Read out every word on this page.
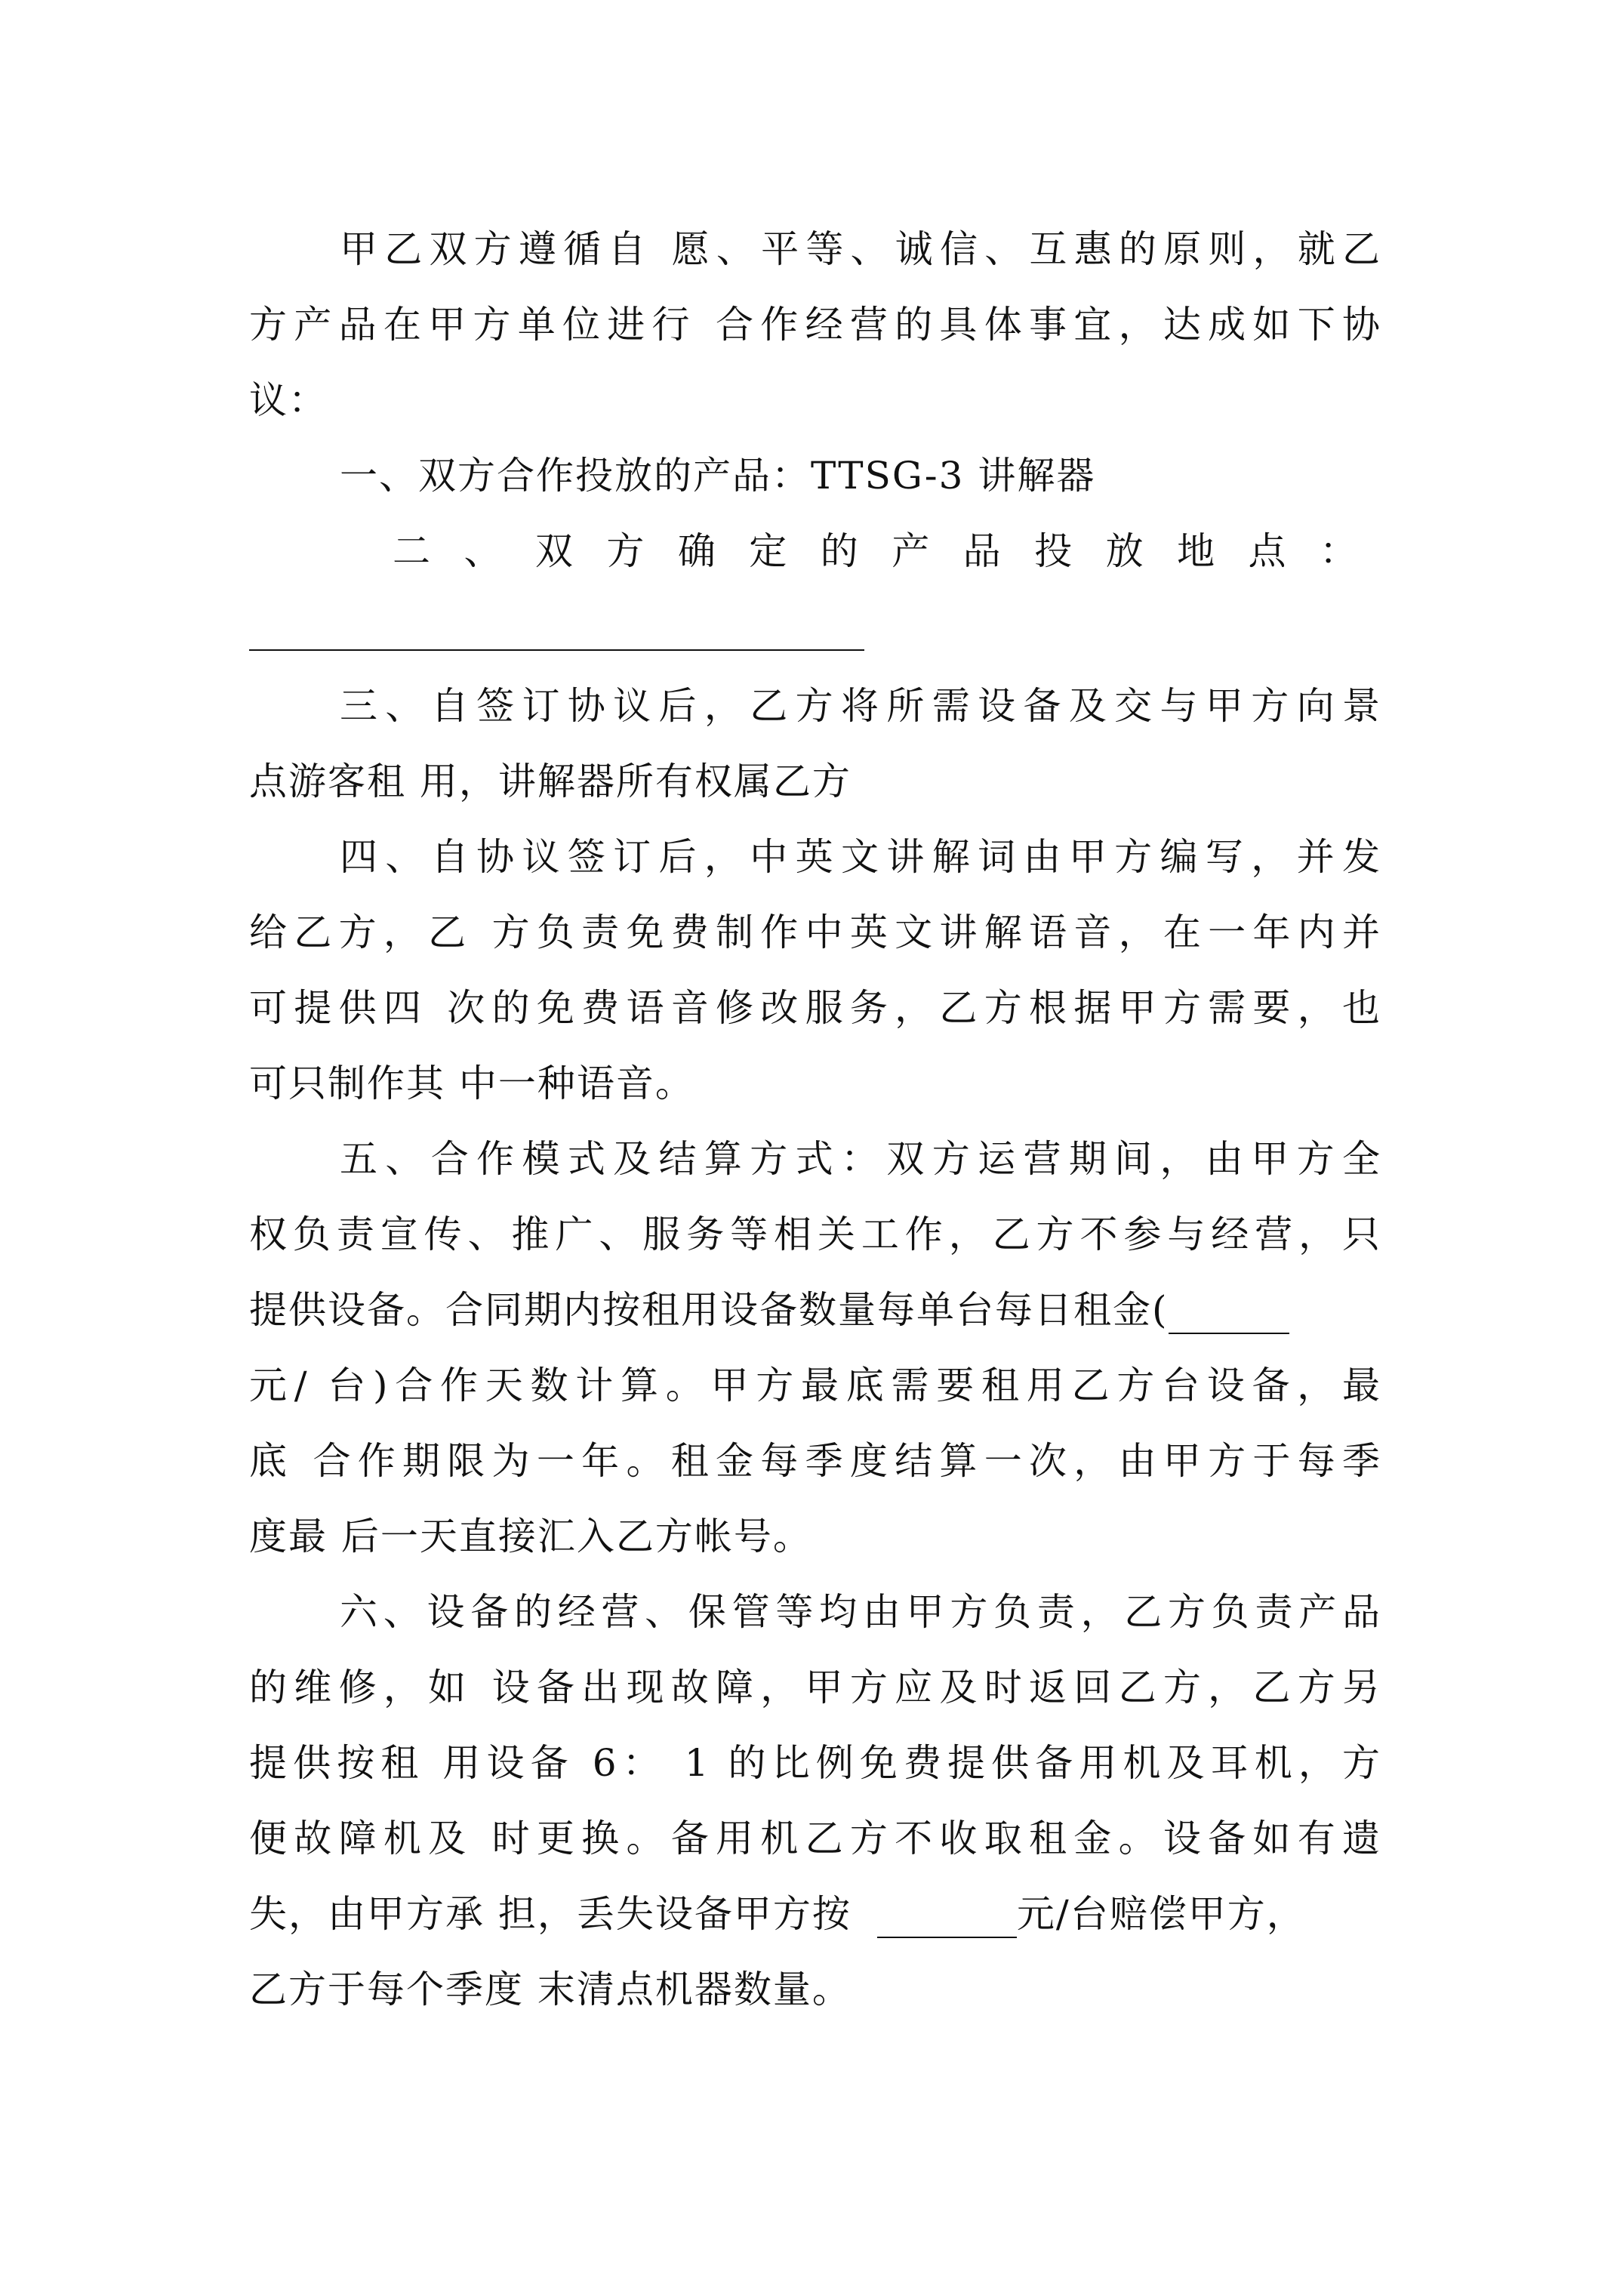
甲乙双方遵循自 愿、平等、诚信、互惠的原则，就乙
方产品在甲方单位进行 合作经营的具体事宜，达成如下协
议：
一、双方合作投放的产品：TTSG-3 讲解器
二 、 双 方 确 定 的 产 品 投 放 地 点 ：
三、自签订协议后，乙方将所需设备及交与甲方向景
点游客租 用，讲解器所有权属乙方
四、自协议签订后，中英文讲解词由甲方编写，并发
给乙方，乙 方负责免费制作中英文讲解语音，在一年内并
可提供四 次的免费语音修改服务，乙方根据甲方需要，也
可只制作其 中一种语音。
五、合作模式及结算方式：双方运营期间，由甲方全
权负责宣传、推广、服务等相关工作，乙方不参与经营，只
提供设备。合同期内按租用设备数量每单台每日租金(
元/ 台)合作天数计算。甲方最底需要租用乙方台设备，最
底 合作期限为一年。租金每季度结算一次，由甲方于每季
度最 后一天直接汇入乙方帐号。
六、设备的经营、保管等均由甲方负责，乙方负责产品
的维修，如 设备出现故障，甲方应及时返回乙方，乙方另
提供按租 用设备 6： 1 的比例免费提供备用机及耳机，方
便故障机及 时更换。备用机乙方不收取租金。设备如有遗
失，由甲方承 担，丢失设备甲方按	元/台赔偿甲方，
乙方于每个季度 末清点机器数量。
